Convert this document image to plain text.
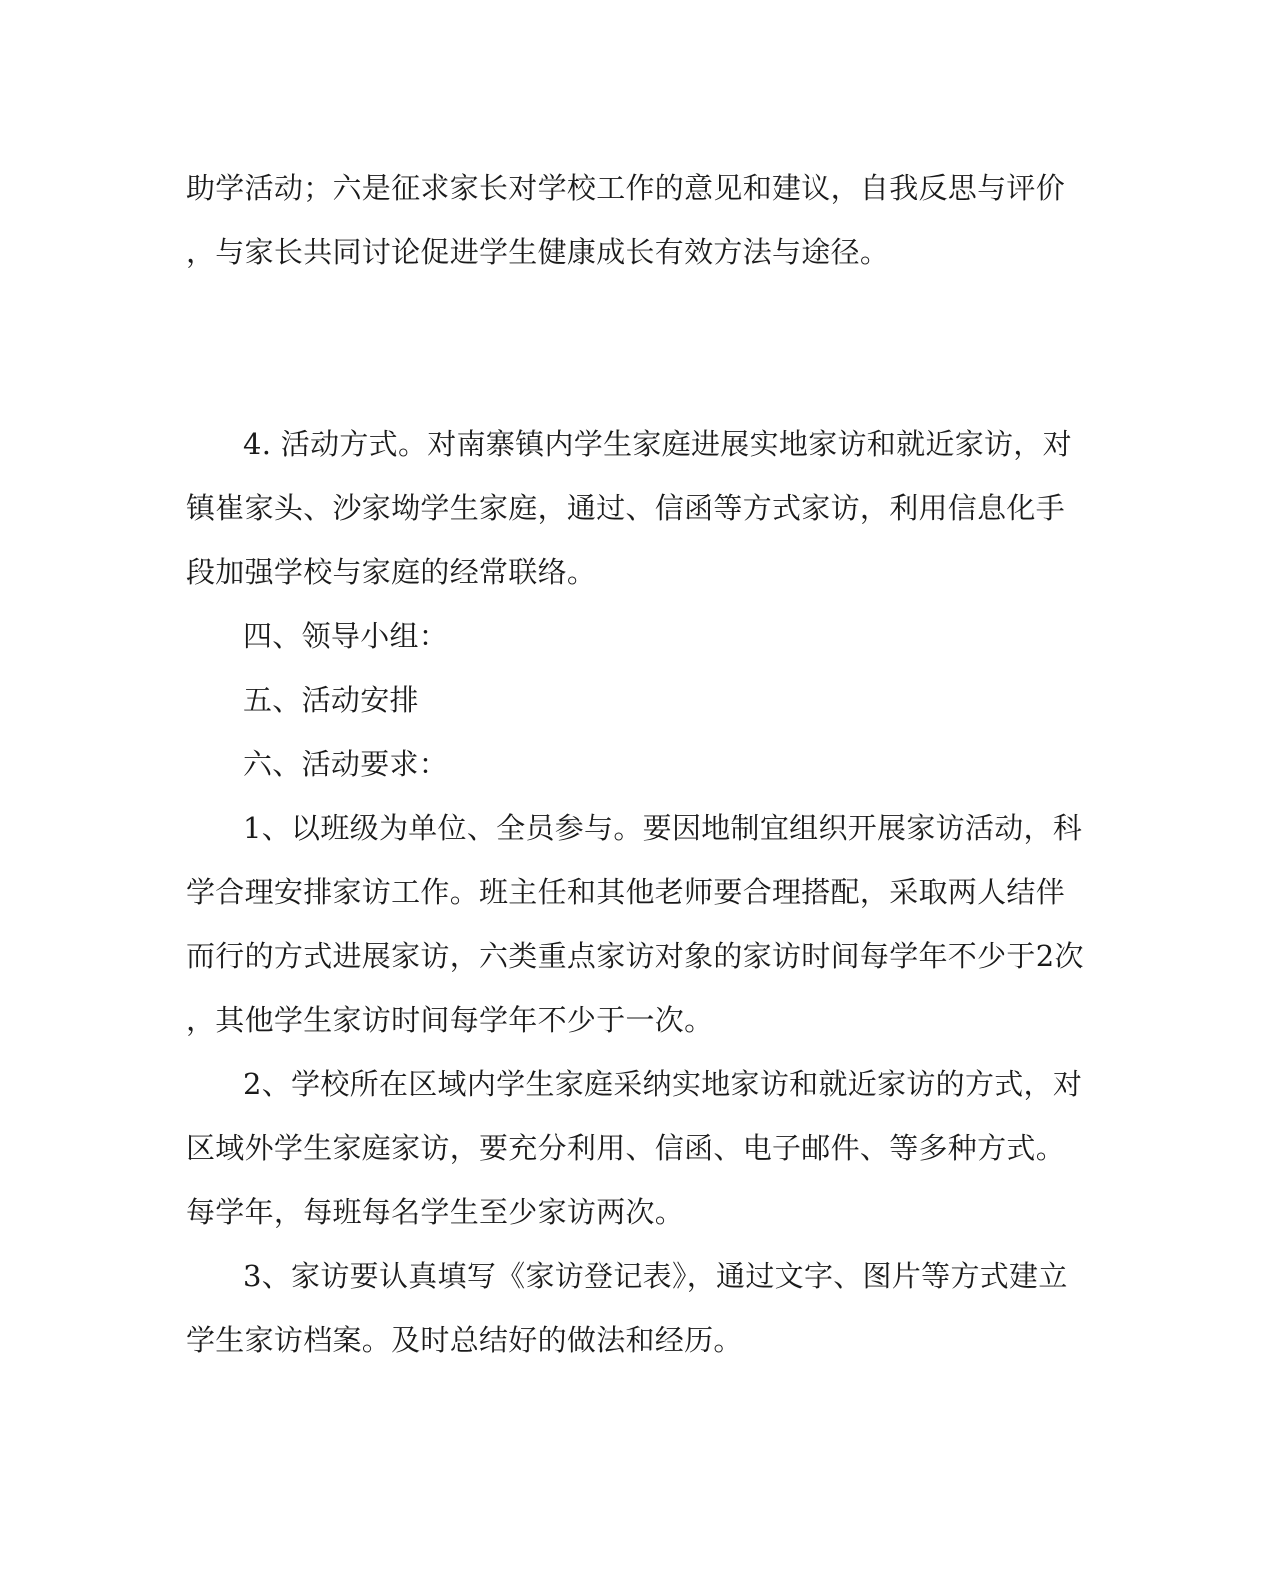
助学活动；六是征求家长对学校工作的意见和建议，自我反思与评价
，与家长共同讨论促进学生健康成长有效方法与途径。
4. 活动方式。对南寨镇内学生家庭进展实地家访和就近家访，对
镇崔家头、沙家坳学生家庭，通过、信函等方式家访，利用信息化手
段加强学校与家庭的经常联络。
四、领导小组：
五、活动安排
六、活动要求：
1、以班级为单位、全员参与。要因地制宜组织开展家访活动，科
学合理安排家访工作。班主任和其他老师要合理搭配，采取两人结伴
而行的方式进展家访，六类重点家访对象的家访时间每学年不少于2次
，其他学生家访时间每学年不少于一次。
2、学校所在区域内学生家庭采纳实地家访和就近家访的方式，对
区域外学生家庭家访，要充分利用、信函、电子邮件、等多种方式。
每学年，每班每名学生至少家访两次。
3、家访要认真填写《家访登记表》，通过文字、图片等方式建立
学生家访档案。及时总结好的做法和经历。
